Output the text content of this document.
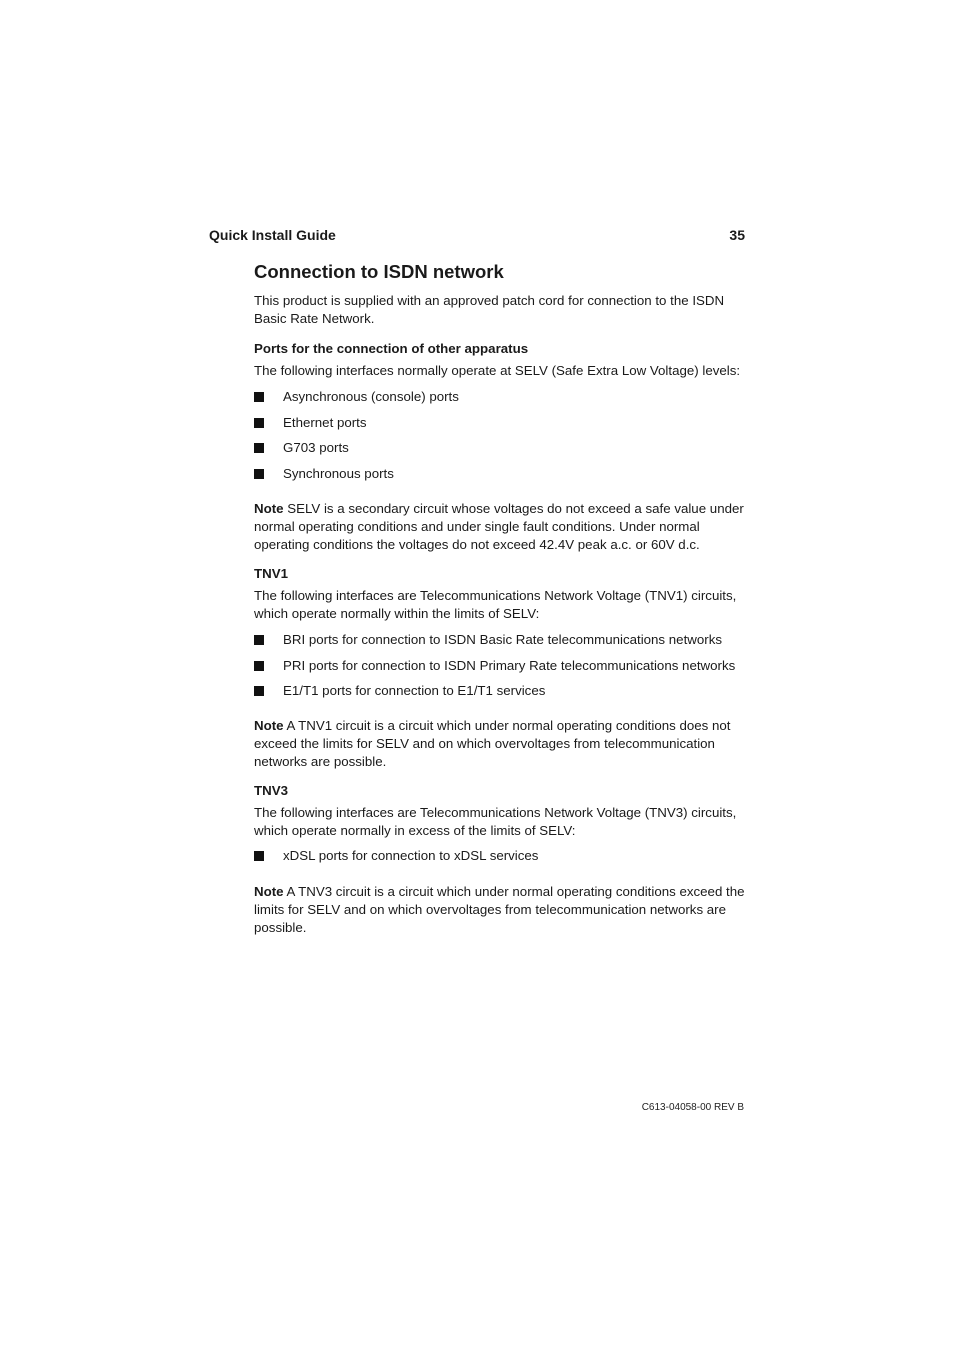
Quick Install Guide	35
Connection to ISDN network

This product is supplied with an approved patch cord for connection to the ISDN Basic Rate Network.

Ports for the connection of other apparatus

The following interfaces normally operate at SELV (Safe Extra Low Voltage) levels:

Asynchronous (console) ports
Ethernet ports
G703 ports
Synchronous ports

Note SELV is a secondary circuit whose voltages do not exceed a safe value under normal operating conditions and under single fault conditions. Under normal operating conditions the voltages do not exceed 42.4V peak a.c. or 60V d.c.

TNV1

The following interfaces are Telecommunications Network Voltage (TNV1) circuits, which operate normally within the limits of SELV:

BRI ports for connection to ISDN Basic Rate telecommunications networks
PRI ports for connection to ISDN Primary Rate telecommunications networks
E1/T1 ports for connection to E1/T1 services

Note A TNV1 circuit is a circuit which under normal operating conditions does not exceed the limits for SELV and on which overvoltages from telecommunication networks are possible.

TNV3

The following interfaces are Telecommunications Network Voltage (TNV3) circuits, which operate normally in excess of the limits of SELV:

xDSL ports for connection to xDSL services

Note A TNV3 circuit is a circuit which under normal operating conditions exceed the limits for SELV and on which overvoltages from telecommunication networks are possible.

C613-04058-00 REV B
